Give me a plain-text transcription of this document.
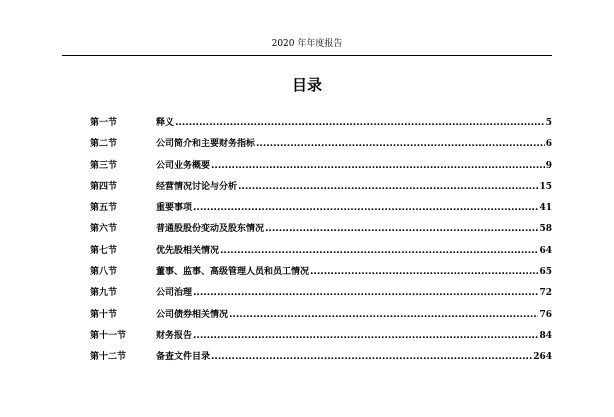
2020 年年度报告
目录
第一节	释义 .....	5
第二节	公司简介和主要财务指标 .....	6
第三节	公司业务概要 .....	9
第四节	经营情况讨论与分析 .....	15
第五节	重要事项 .....	41
第六节	普通股股份变动及股东情况 .....	58
第七节	优先股相关情况 .....	64
第八节	董事、监事、高级管理人员和员工情况 .....	65
第九节	公司治理 .....	72
第十节	公司债券相关情况 .....	76
第十一节	财务报告 .....	84
第十二节	备查文件目录 .....	264
